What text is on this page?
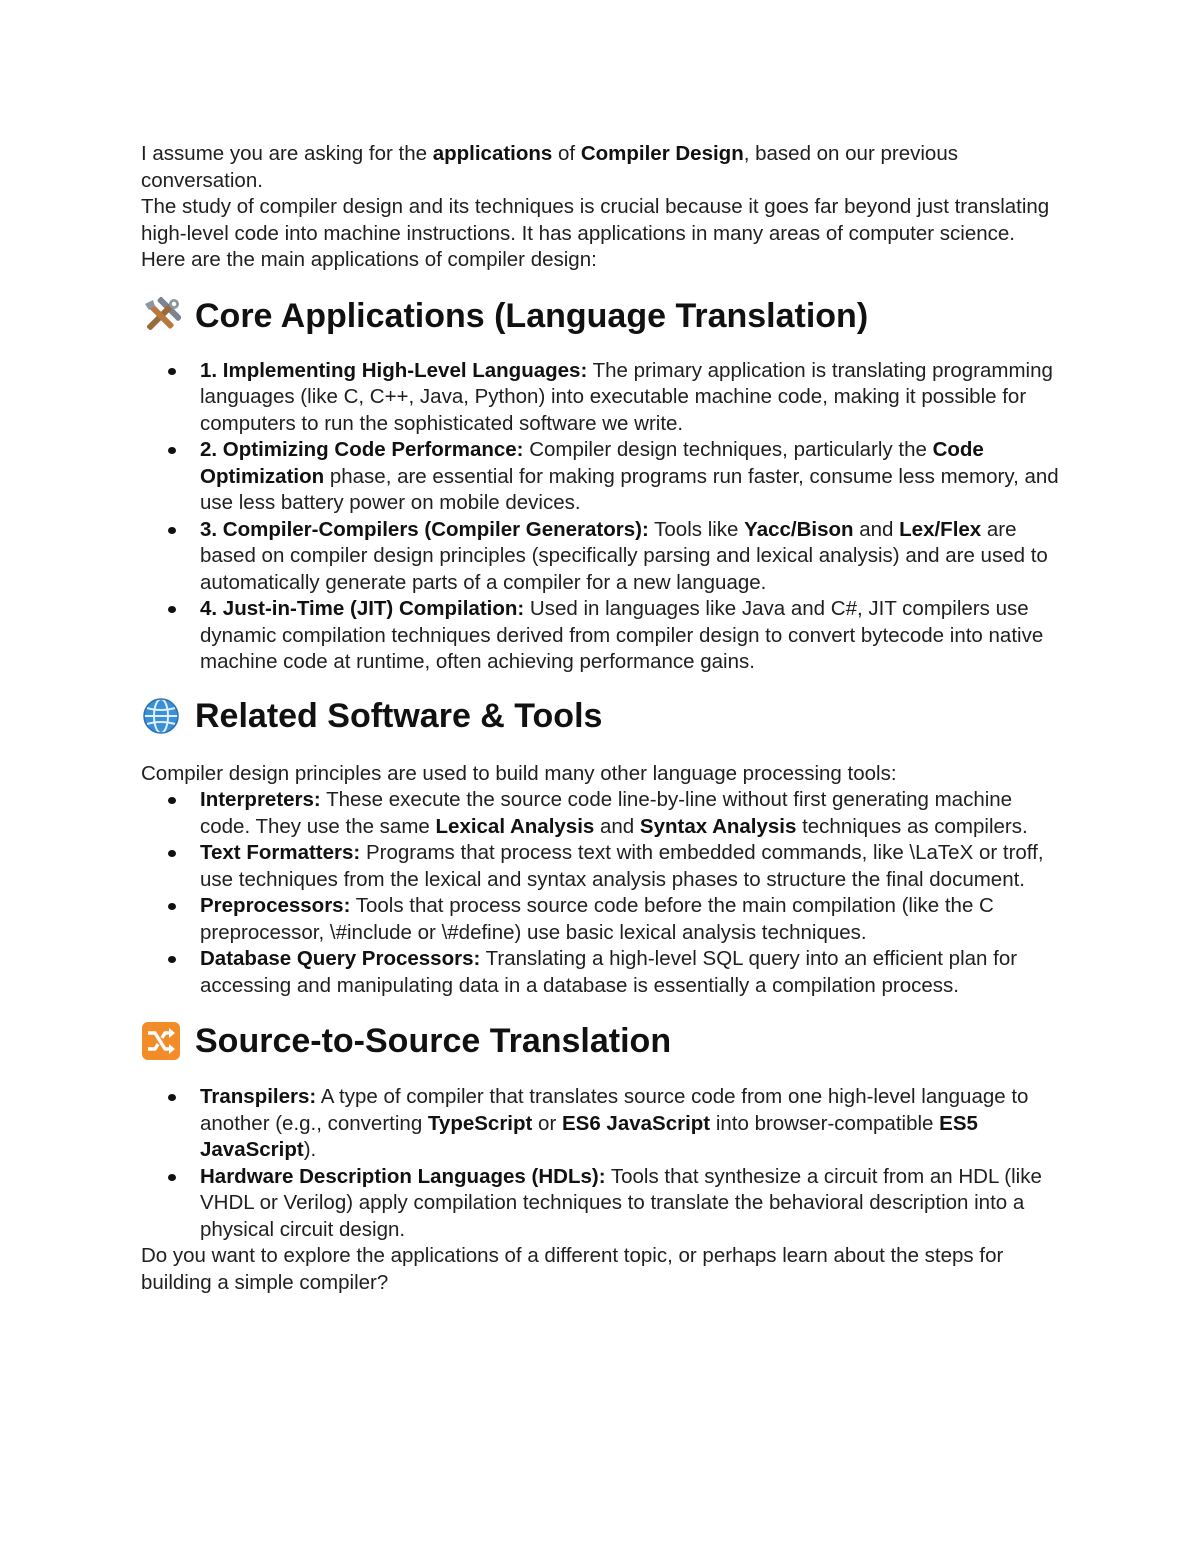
I assume you are asking for the applications of Compiler Design, based on our previous conversation.

The study of compiler design and its techniques is crucial because it goes far beyond just translating high-level code into machine instructions. It has applications in many areas of computer science.

Here are the main applications of compiler design:

Core Applications (Language Translation)
1. Implementing High-Level Languages: The primary application is translating programming languages (like C, C++, Java, Python) into executable machine code, making it possible for computers to run the sophisticated software we write.
2. Optimizing Code Performance: Compiler design techniques, particularly the Code Optimization phase, are essential for making programs run faster, consume less memory, and use less battery power on mobile devices.
3. Compiler-Compilers (Compiler Generators): Tools like Yacc/Bison and Lex/Flex are based on compiler design principles (specifically parsing and lexical analysis) and are used to automatically generate parts of a compiler for a new language.
4. Just-in-Time (JIT) Compilation: Used in languages like Java and C#, JIT compilers use dynamic compilation techniques derived from compiler design to convert bytecode into native machine code at runtime, often achieving performance gains.
Related Software & Tools

Compiler design principles are used to build many other language processing tools:

Interpreters: These execute the source code line-by-line without first generating machine code. They use the same Lexical Analysis and Syntax Analysis techniques as compilers.
Text Formatters: Programs that process text with embedded commands, like \LaTeX or troff, use techniques from the lexical and syntax analysis phases to structure the final document.
Preprocessors: Tools that process source code before the main compilation (like the C preprocessor, \#include or \#define) use basic lexical analysis techniques.
Database Query Processors: Translating a high-level SQL query into an efficient plan for accessing and manipulating data in a database is essentially a compilation process.
Source-to-Source Translation
Transpilers: A type of compiler that translates source code from one high-level language to another (e.g., converting TypeScript or ES6 JavaScript into browser-compatible ES5 JavaScript).
Hardware Description Languages (HDLs): Tools that synthesize a circuit from an HDL (like VHDL or Verilog) apply compilation techniques to translate the behavioral description into a physical circuit design.

Do you want to explore the applications of a different topic, or perhaps learn about the steps for building a simple compiler?
